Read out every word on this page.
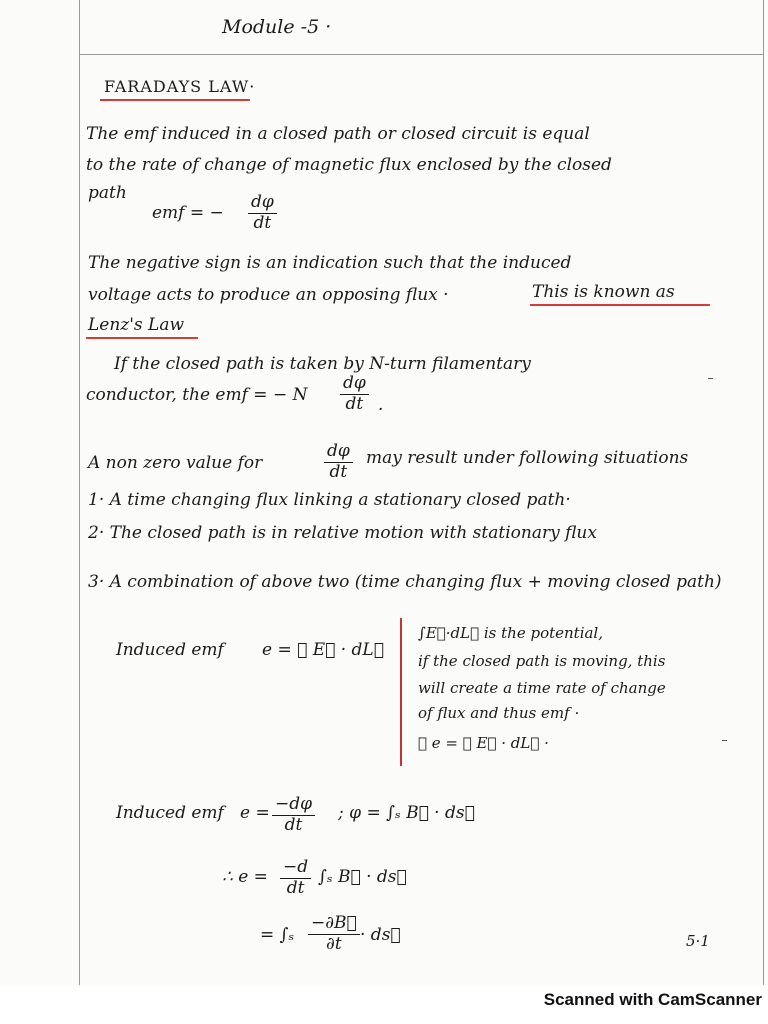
Module -5 ·
FARADAYS LAW·
The emf induced in a closed path or closed circuit is equal
to the rate of change of magnetic flux enclosed by the closed
path
emf = − $\frac{d\varphi}{dt}$
The negative sign is an indication such that the induced
voltage acts to produce an opposing flux ·	This is known as
Lenz's Law
If the closed path is taken by N-turn filamentary
conductor, the emf = − N $\frac{d\varphi}{dt}$ ·
A non zero value for	$\frac{d\varphi}{dt}$ may result under following situations
1· A time changing flux linking a stationary closed path·
2· The closed path is in relative motion with stationary flux
3· A combination of above two (time changing flux + moving closed path)
Induced emf e = ∮ E⃗ · dL⃗
∫E⃗·dL⃗ is the potential,
if the closed path is moving, this
will create a time rate of change
of flux and thus emf ·
∴ e = ∮ E⃗ · dL⃗ ·
Induced emf $e = \frac{-d\varphi}{dt}$ ; φ = ∫ₛ B⃗ · ds⃗
∴ $e = \frac{-d}{dt} \int_s$ B⃗ · ds⃗
= $\int_s \frac{-\partial B⃗}{\partial t}$ · ds⃗	5·1
Scanned with CamScanner
